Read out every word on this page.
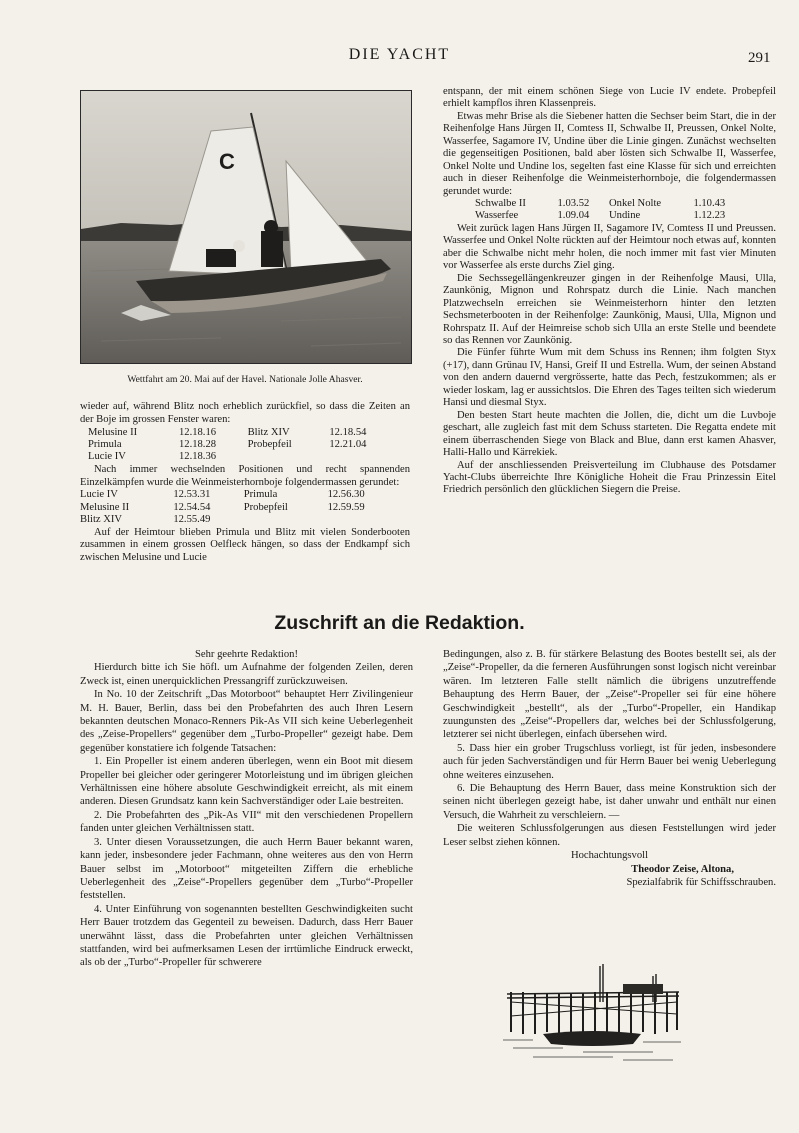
DIE YACHT	291
C
Wettfahrt am 20. Mai auf der Havel. Nationale Jolle Ahasver.

wieder auf, während Blitz noch erheblich zurückfiel, so dass die Zeiten an der Boje im grossen Fenster waren:

Melusine II	12.18.16	Blitz XIV	12.18.54
Primula	12.18.28	Probepfeil	12.21.04
Lucie IV	12.18.36		

Nach immer wechselnden Positionen und recht spannenden Einzelkämpfen wurde die Weinmeisterhornboje folgendermassen gerundet:

Lucie IV	12.53.31	Primula	12.56.30
Melusine II	12.54.54	Probepfeil	12.59.59
Blitz XIV	12.55.49		

Auf der Heimtour blieben Primula und Blitz mit vielen Sonderbooten zusammen in einem grossen Oelfleck hängen, so dass der Endkampf sich zwischen Melusine und Lucie

entspann, der mit einem schönen Siege von Lucie IV endete. Probepfeil erhielt kampflos ihren Klassenpreis.

Etwas mehr Brise als die Siebener hatten die Sechser beim Start, die in der Reihenfolge Hans Jürgen II, Comtess II, Schwalbe II, Preussen, Onkel Nolte, Wasserfee, Sagamore IV, Undine über die Linie gingen. Zunächst wechselten die gegenseitigen Positionen, bald aber lösten sich Schwalbe II, Wasserfee, Onkel Nolte und Undine los, segelten fast eine Klasse für sich und erreichten auch in dieser Reihenfolge die Weinmeisterhornboje, die folgendermassen gerundet wurde:

Schwalbe II	1.03.52	Onkel Nolte	1.10.43
Wasserfee	1.09.04	Undine	1.12.23

Weit zurück lagen Hans Jürgen II, Sagamore IV, Comtess II und Preussen. Wasserfee und Onkel Nolte rückten auf der Heimtour noch etwas auf, konnten aber die Schwalbe nicht mehr holen, die noch immer mit fast vier Minuten vor Wasserfee als erste durchs Ziel ging.

Die Sechssegellängenkreuzer gingen in der Reihenfolge Mausi, Ulla, Zaunkönig, Mignon und Rohrspatz durch die Linie. Nach manchen Platzwechseln erreichen sie Weinmeisterhorn hinter den letzten Sechsmeterbooten in der Reihenfolge: Zaunkönig, Mausi, Ulla, Mignon und Rohrspatz II. Auf der Heimreise schob sich Ulla an erste Stelle und beendete so das Rennen vor Zaunkönig.

Die Fünfer führte Wum mit dem Schuss ins Rennen; ihm folgten Styx (+17), dann Grünau IV, Hansi, Greif II und Estrella. Wum, der seinen Abstand von den andern dauernd vergrösserte, hatte das Pech, festzukommen; als er wieder loskam, lag er aussichtslos. Die Ehren des Tages teilten sich wiederum Hansi und diesmal Styx.

Den besten Start heute machten die Jollen, die, dicht um die Luvboje geschart, alle zugleich fast mit dem Schuss starteten. Die Regatta endete mit einem überraschenden Siege von Black and Blue, dann erst kamen Ahasver, Halli-Hallo und Kärrekiek.

Auf der anschliessenden Preisverteilung im Clubhause des Potsdamer Yacht-Clubs überreichte Ihre Königliche Hoheit die Frau Prinzessin Eitel Friedrich persönlich den glücklichen Siegern die Preise.

Zuschrift an die Redaktion.

Sehr geehrte Redaktion!

Hierdurch bitte ich Sie höfl. um Aufnahme der folgenden Zeilen, deren Zweck ist, einen unerquicklichen Pressangriff zurückzuweisen.

In No. 10 der Zeitschrift „Das Motorboot“ behauptet Herr Zivilingenieur M. H. Bauer, Berlin, dass bei den Probefahrten des auch Ihren Lesern bekannten deutschen Monaco-Renners Pik-As VII sich keine Ueberlegenheit des „Zeise-Propellers“ gegenüber dem „Turbo-Propeller“ gezeigt habe. Dem gegenüber konstatiere ich folgende Tatsachen:

1. Ein Propeller ist einem anderen überlegen, wenn ein Boot mit diesem Propeller bei gleicher oder geringerer Motorleistung und im übrigen gleichen Verhältnissen eine höhere absolute Geschwindigkeit erreicht, als mit einem anderen. Diesen Grundsatz kann kein Sachverständiger oder Laie bestreiten.

2. Die Probefahrten des „Pik-As VII“ mit den verschiedenen Propellern fanden unter gleichen Verhältnissen statt.

3. Unter diesen Voraussetzungen, die auch Herrn Bauer bekannt waren, kann jeder, insbesondere jeder Fachmann, ohne weiteres aus den von Herrn Bauer selbst im „Motorboot“ mitgeteilten Ziffern die erhebliche Ueberlegenheit des „Zeise“-Propellers gegenüber dem „Turbo“-Propeller feststellen.

4. Unter Einführung von sogenannten bestellten Geschwindigkeiten sucht Herr Bauer trotzdem das Gegenteil zu beweisen. Dadurch, dass Herr Bauer unerwähnt lässt, dass die Probefahrten unter gleichen Verhältnissen stattfanden, wird bei aufmerksamen Lesen der irrtümliche Eindruck erweckt, als ob der „Turbo“-Propeller für schwerere

Bedingungen, also z. B. für stärkere Belastung des Bootes bestellt sei, als der „Zeise“-Propeller, da die ferneren Ausführungen sonst logisch nicht vereinbar wären. Im letzteren Falle stellt nämlich die übrigens unzutreffende Behauptung des Herrn Bauer, der „Zeise“-Propeller sei für eine höhere Geschwindigkeit „bestellt“, als der „Turbo“-Propeller, ein Handikap zuungunsten des „Zeise“-Propellers dar, welches bei der Schlussfolgerung, letzterer sei nicht überlegen, einfach übersehen wird.

5. Dass hier ein grober Trugschluss vorliegt, ist für jeden, insbesondere auch für jeden Sachverständigen und für Herrn Bauer bei wenig Ueberlegung ohne weiteres einzusehen.

6. Die Behauptung des Herrn Bauer, dass meine Konstruktion sich der seinen nicht überlegen gezeigt habe, ist daher unwahr und enthält nur einen Versuch, die Wahrheit zu verschleiern. —

Die weiteren Schlussfolgerungen aus diesen Feststellungen wird jeder Leser selbst ziehen können.

Hochachtungsvoll

Theodor Zeise, Altona,

Spezialfabrik für Schiffsschrauben.
